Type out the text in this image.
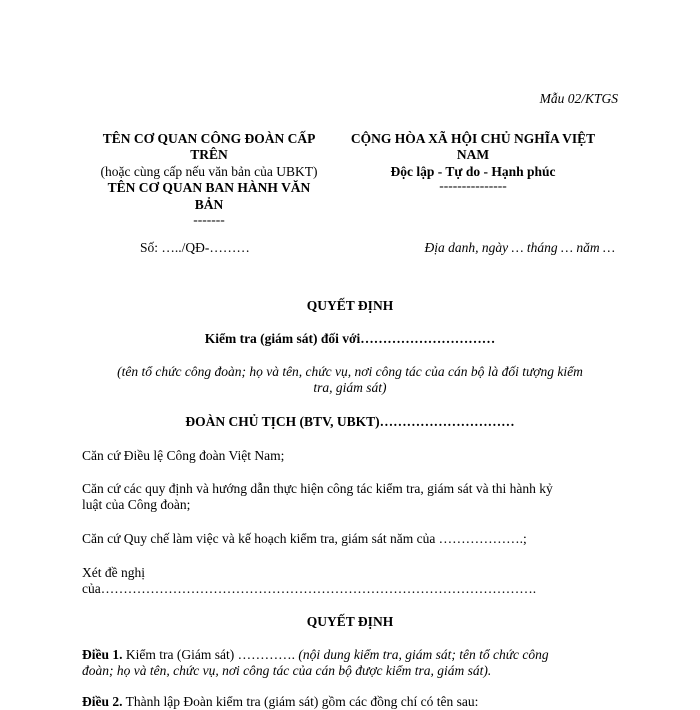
Mẫu 02/KTGS
TÊN CƠ QUAN CÔNG ĐOÀN CẤP
TRÊN
(hoặc cùng cấp nếu văn bản của UBKT)
TÊN CƠ QUAN BAN HÀNH VĂN
BẢN
-------
Số: …../QĐ-………
CỘNG HÒA XÃ HỘI CHỦ NGHĨA VIỆT
NAM
Độc lập - Tự do - Hạnh phúc
---------------
Địa danh, ngày … tháng … năm …
QUYẾT ĐỊNH
Kiểm tra (giám sát) đối với…………………………
(tên tổ chức công đoàn; họ và tên, chức vụ, nơi công tác của cán bộ là đối tượng kiểm
tra, giám sát)
ĐOÀN CHỦ TỊCH (BTV, UBKT)…………………………
Căn cứ Điều lệ Công đoàn Việt Nam;
Căn cứ các quy định và hướng dẫn thực hiện công tác kiểm tra, giám sát và thi hành kỷ
luật của Công đoàn;
Căn cứ Quy chế làm việc và kế hoạch kiểm tra, giám sát năm của ……………….;
Xét đề nghị
của…………………………………………………………………………………….
QUYẾT ĐỊNH
Điều 1. Kiểm tra (Giám sát) …………. (nội dung kiểm tra, giám sát; tên tổ chức công
đoàn; họ và tên, chức vụ, nơi công tác của cán bộ được kiểm tra, giám sát).
Điều 2. Thành lập Đoàn kiểm tra (giám sát) gồm các đồng chí có tên sau:
